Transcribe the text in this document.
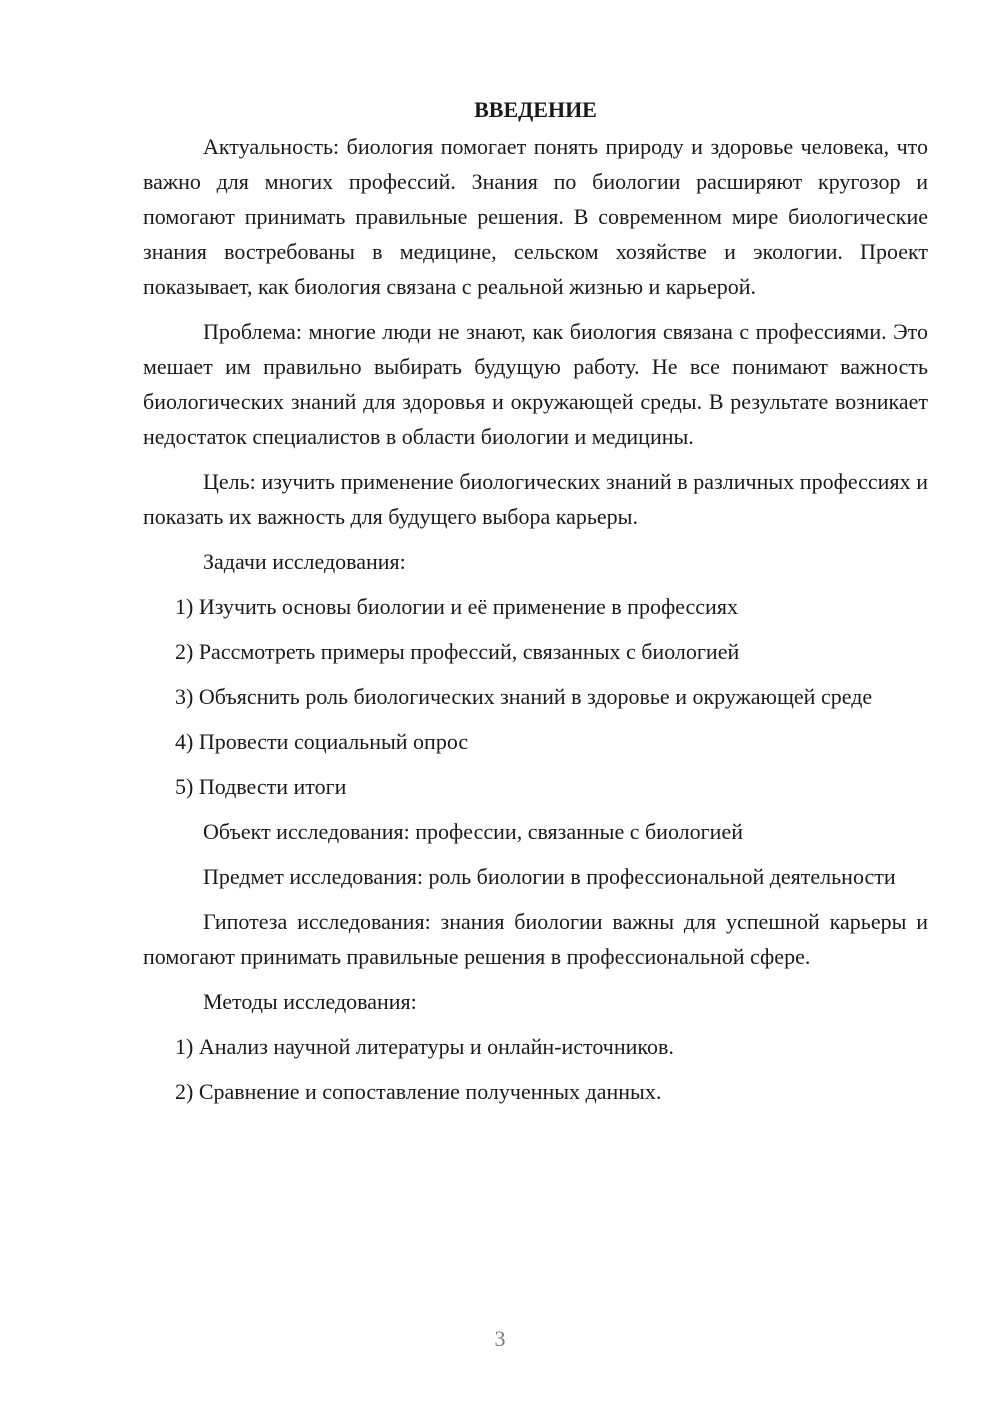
ВВЕДЕНИЕ

Актуальность: биология помогает понять природу и здоровье человека, что важно для многих профессий. Знания по биологии расширяют кругозор и помогают принимать правильные решения. В современном мире биологические знания востребованы в медицине, сельском хозяйстве и экологии. Проект показывает, как биология связана с реальной жизнью и карьерой.

Проблема: многие люди не знают, как биология связана с профессиями. Это мешает им правильно выбирать будущую работу. Не все понимают важность биологических знаний для здоровья и окружающей среды. В результате возникает недостаток специалистов в области биологии и медицины.

Цель: изучить применение биологических знаний в различных профессиях и показать их важность для будущего выбора карьеры.

Задачи исследования:

1) Изучить основы биологии и её применение в профессиях

2) Рассмотреть примеры профессий, связанных с биологией

3) Объяснить роль биологических знаний в здоровье и окружающей среде

4) Провести социальный опрос

5) Подвести итоги

Объект исследования: профессии, связанные с биологией

Предмет исследования: роль биологии в профессиональной деятельности

Гипотеза исследования: знания биологии важны для успешной карьеры и помогают принимать правильные решения в профессиональной сфере.

Методы исследования:

1) Анализ научной литературы и онлайн-источников.

2) Сравнение и сопоставление полученных данных.

3
